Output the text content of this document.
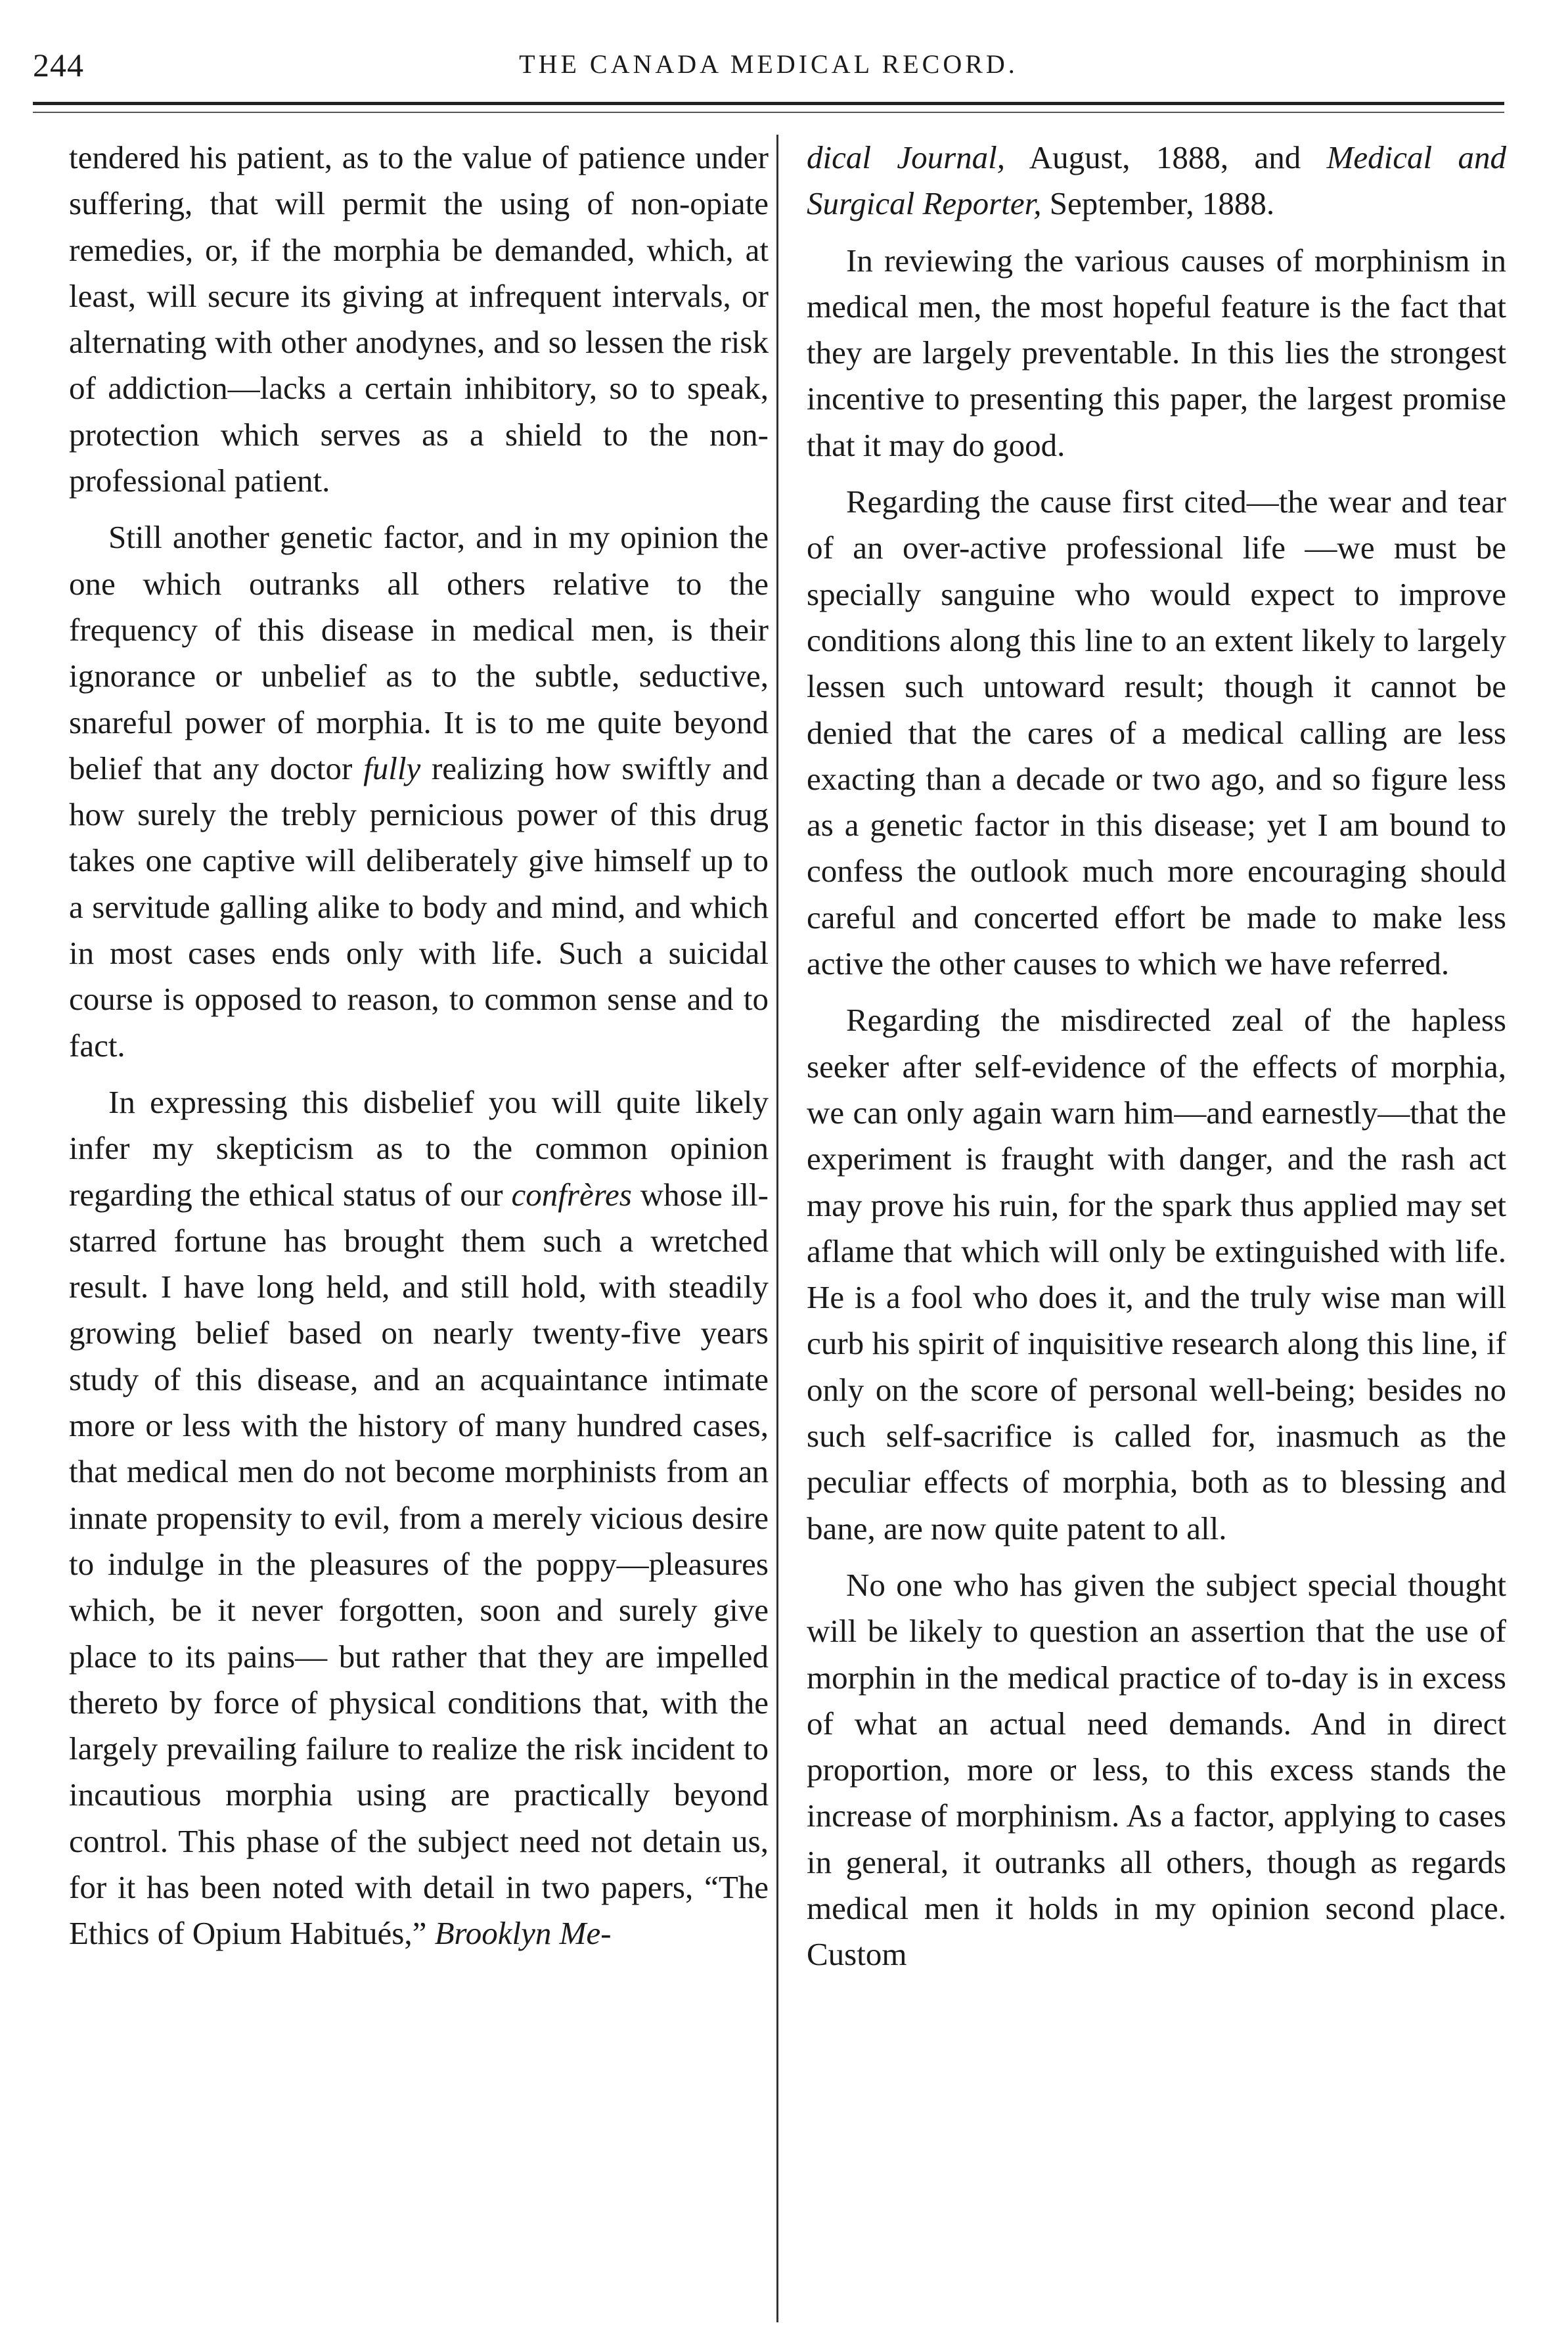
244	THE CANADA MEDICAL RECORD.

tendered his patient, as to the value of patience under suffering, that will permit the using of non-opiate remedies, or, if the morphia be demanded, which, at least, will secure its giving at infrequent intervals, or alternating with other anodynes, and so lessen the risk of addiction—lacks a certain inhibitory, so to speak, protection which serves as a shield to the non-professional patient.

Still another genetic factor, and in my opinion the one which outranks all others relative to the frequency of this disease in medical men, is their ignorance or unbelief as to the subtle, seductive, snareful power of morphia. It is to me quite beyond belief that any doctor fully realizing how swiftly and how surely the trebly pernicious power of this drug takes one captive will deliberately give himself up to a servitude galling alike to body and mind, and which in most cases ends only with life. Such a suicidal course is opposed to reason, to common sense and to fact.

In expressing this disbelief you will quite likely infer my skepticism as to the common opinion regarding the ethical status of our confrères whose ill-starred fortune has brought them such a wretched result. I have long held, and still hold, with steadily growing belief based on nearly twenty-five years study of this disease, and an acquaintance intimate more or less with the history of many hundred cases, that medical men do not become morphinists from an innate propensity to evil, from a merely vicious desire to indulge in the pleasures of the poppy—pleasures which, be it never forgotten, soon and surely give place to its pains— but rather that they are impelled thereto by force of physical conditions that, with the largely prevailing failure to realize the risk incident to incautious morphia using are practically beyond control. This phase of the subject need not detain us, for it has been noted with detail in two papers, “The Ethics of Opium Habitués,” Brooklyn Me-

dical Journal, August, 1888, and Medical and Surgical Reporter, September, 1888.

In reviewing the various causes of morphinism in medical men, the most hopeful feature is the fact that they are largely preventable. In this lies the strongest incentive to presenting this paper, the largest promise that it may do good.

Regarding the cause first cited—the wear and tear of an over-active professional life —we must be specially sanguine who would expect to improve conditions along this line to an extent likely to largely lessen such untoward result; though it cannot be denied that the cares of a medical calling are less exacting than a decade or two ago, and so figure less as a genetic factor in this disease; yet I am bound to confess the outlook much more encouraging should careful and concerted effort be made to make less active the other causes to which we have referred.

Regarding the misdirected zeal of the hapless seeker after self-evidence of the effects of morphia, we can only again warn him—and earnestly—that the experiment is fraught with danger, and the rash act may prove his ruin, for the spark thus applied may set aflame that which will only be extinguished with life. He is a fool who does it, and the truly wise man will curb his spirit of inquisitive research along this line, if only on the score of personal well-being; besides no such self-sacrifice is called for, inasmuch as the peculiar effects of morphia, both as to blessing and bane, are now quite patent to all.

No one who has given the subject special thought will be likely to question an assertion that the use of morphin in the medical practice of to-day is in excess of what an actual need demands. And in direct proportion, more or less, to this excess stands the increase of morphinism. As a factor, applying to cases in general, it outranks all others, though as regards medical men it holds in my opinion second place. Custom
